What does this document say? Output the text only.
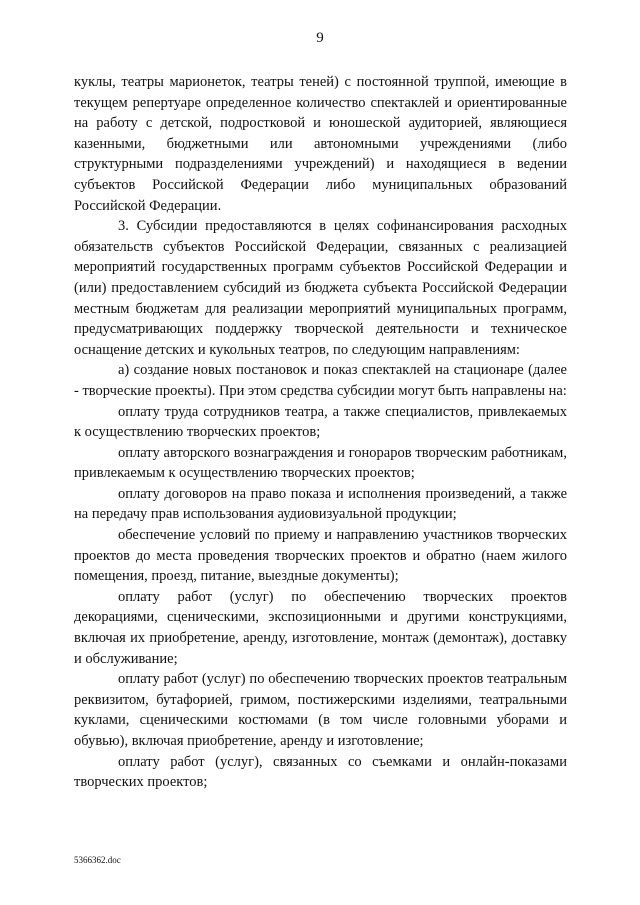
9

куклы, театры марионеток, театры теней) с постоянной труппой, имеющие в текущем репертуаре определенное количество спектаклей и ориентированные на работу с детской, подростковой и юношеской аудиторией, являющиеся казенными, бюджетными или автономными учреждениями (либо структурными подразделениями учреждений) и находящиеся в ведении субъектов Российской Федерации либо муниципальных образований Российской Федерации.

3. Субсидии предоставляются в целях софинансирования расходных обязательств субъектов Российской Федерации, связанных с реализацией мероприятий государственных программ субъектов Российской Федерации и (или) предоставлением субсидий из бюджета субъекта Российской Федерации местным бюджетам для реализации мероприятий муниципальных программ, предусматривающих поддержку творческой деятельности и техническое оснащение детских и кукольных театров, по следующим направлениям:

а) создание новых постановок и показ спектаклей на стационаре (далее - творческие проекты). При этом средства субсидии могут быть направлены на:

оплату труда сотрудников театра, а также специалистов, привлекаемых к осуществлению творческих проектов;

оплату авторского вознаграждения и гонораров творческим работникам, привлекаемым к осуществлению творческих проектов;

оплату договоров на право показа и исполнения произведений, а также на передачу прав использования аудиовизуальной продукции;

обеспечение условий по приему и направлению участников творческих проектов до места проведения творческих проектов и обратно (наем жилого помещения, проезд, питание, выездные документы);

оплату работ (услуг) по обеспечению творческих проектов декорациями, сценическими, экспозиционными и другими конструкциями, включая их приобретение, аренду, изготовление, монтаж (демонтаж), доставку и обслуживание;

оплату работ (услуг) по обеспечению творческих проектов театральным реквизитом, бутафорией, гримом, постижерскими изделиями, театральными куклами, сценическими костюмами (в том числе головными уборами и обувью), включая приобретение, аренду и изготовление;

оплату работ (услуг), связанных со съемками и онлайн-показами творческих проектов;

5366362.doc
